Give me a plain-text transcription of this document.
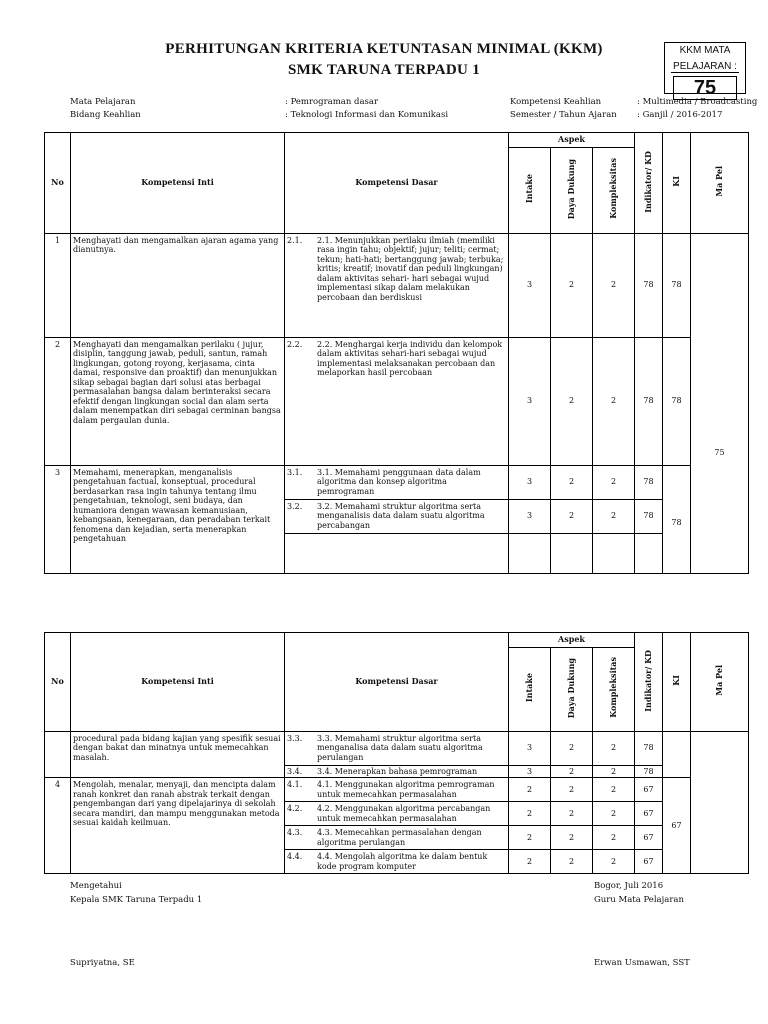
PERHITUNGAN KRITERIA KETUNTASAN MINIMAL (KKM)
SMK TARUNA TERPADU 1
KKM MATA
PELAJARAN :
75
Mata Pelajaran	: Pemrograman dasar
Bidang Keahlian	: Teknologi Informasi dan Komunikasi
Kompetensi Keahlian	: Multimedia / Broadcasting
Semester / Tahun Ajaran : Ganjil / 2016-2017
No	Kompetensi Inti	Kompetensi Dasar	Aspek			Indikator/ KD	KI	Ma Pel
			Intake	Daya Dukung	Kompleksitas			
1	Menghayati dan mengamalkan ajaran agama yang dianutnya.	2.1. 2.1. Menunjukkan perilaku ilmiah (memiliki rasa ingin tahu; objektif; jujur; teliti; cermat; tekun; hati-hati; bertanggung jawab; terbuka; kritis; kreatif; inovatif dan peduli lingkungan) dalam aktivitas sehari- hari sebagai wujud implementasi sikap dalam melakukan percobaan dan berdiskusi	3	2	2	78	78	75
2	Menghayati dan mengamalkan perilaku ( jujur, disiplin, tanggung jawab, peduli, santun, ramah lingkungan, gotong royong, kerjasama, cinta damai, responsive dan proaktif) dan menunjukkan sikap sebagai bagian dari solusi atas berbagai permasalahan bangsa dalam berinteraksi secara efektif dengan lingkungan social dan alam serta dalam menempatkan diri sebagai cerminan bangsa dalam pergaulan dunia.	2.2. 2.2. Menghargai kerja individu dan kelompok dalam aktivitas sehari-hari sebagai wujud implementasi melaksanakan percobaan dan melaporkan hasil percobaan	3	2	2	78	78	
3	Memahami, menerapkan, menganalisis pengetahuan factual, konseptual, procedural berdasarkan rasa ingin tahunya tentang ilmu pengetahuan, teknologi, seni budaya, dan humaniora dengan wawasan kemanusiaan, kebangsaan, kenegaraan, dan peradaban terkait fenomena dan kejadian, serta menerapkan pengetahuan	3.1. 3.1. Memahami penggunaan data dalam algoritma dan konsep algoritma pemrograman	3	2	2	78	78	

		3.2. 3.2. Memahami struktur algoritma serta menganalisis data dalam suatu algoritma percabangan	3	2	2	78		

No	Kompetensi Inti	Kompetensi Dasar	Aspek			Indikator/ KD	KI	Ma Pel
			Intake	Daya Dukung	Kompleksitas			
	procedural pada bidang kajian yang spesifik sesuai dengan bakat dan minatnya untuk memecahkan masalah.	3.3. 3.3. Memahami struktur algoritma serta menganalisa data dalam suatu algoritma perulangan	3	2	2	78		

		3.4. 3.4. Menerapkan bahasa pemrograman	3	2	2	78		
4	Mengolah, menalar, menyaji, dan mencipta dalam ranah konkret dan ranah abstrak terkait dengan pengembangan dari yang dipelajarinya di sekolah secara mandiri, dan mampu menggunakan metoda sesuai kaidah keilmuan.	4.1. 4.1. Menggunakan algoritma pemrograman untuk memecahkan permasalahan	2	2	2	67	67	

		4.2. 4.2. Menggunakan algoritma percabangan untuk memecahkan permasalahan	2	2	2	67		

		4.3. 4.3. Memecahkan permasalahan dengan algoritma perulangan	2	2	2	67		

		4.4. 4.4. Mengolah algoritma ke dalam bentuk kode program komputer	2	2	2	67		
Mengetahui
Kepala SMK Taruna Terpadu 1
Supriyatna, SE
Bogor, Juli 2016
Guru Mata Pelajaran
Erwan Usmawan, SST
